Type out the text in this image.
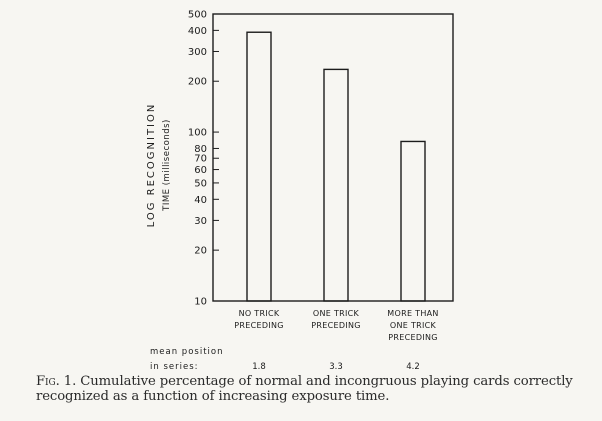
10
20
30
40
50
60
70
80
100
200
300
400
500
LOG RECOGNITION TIME (milliseconds)
NO TRICK
PRECEDING
ONE TRICK
PRECEDING
MORE THAN
ONE TRICK
PRECEDING
mean position
in series:	1.8	3.3	4.2
Fig. 1. Cumulative percentage of normal and incongruous playing cards correctly recognized as a function of increasing exposure time.
